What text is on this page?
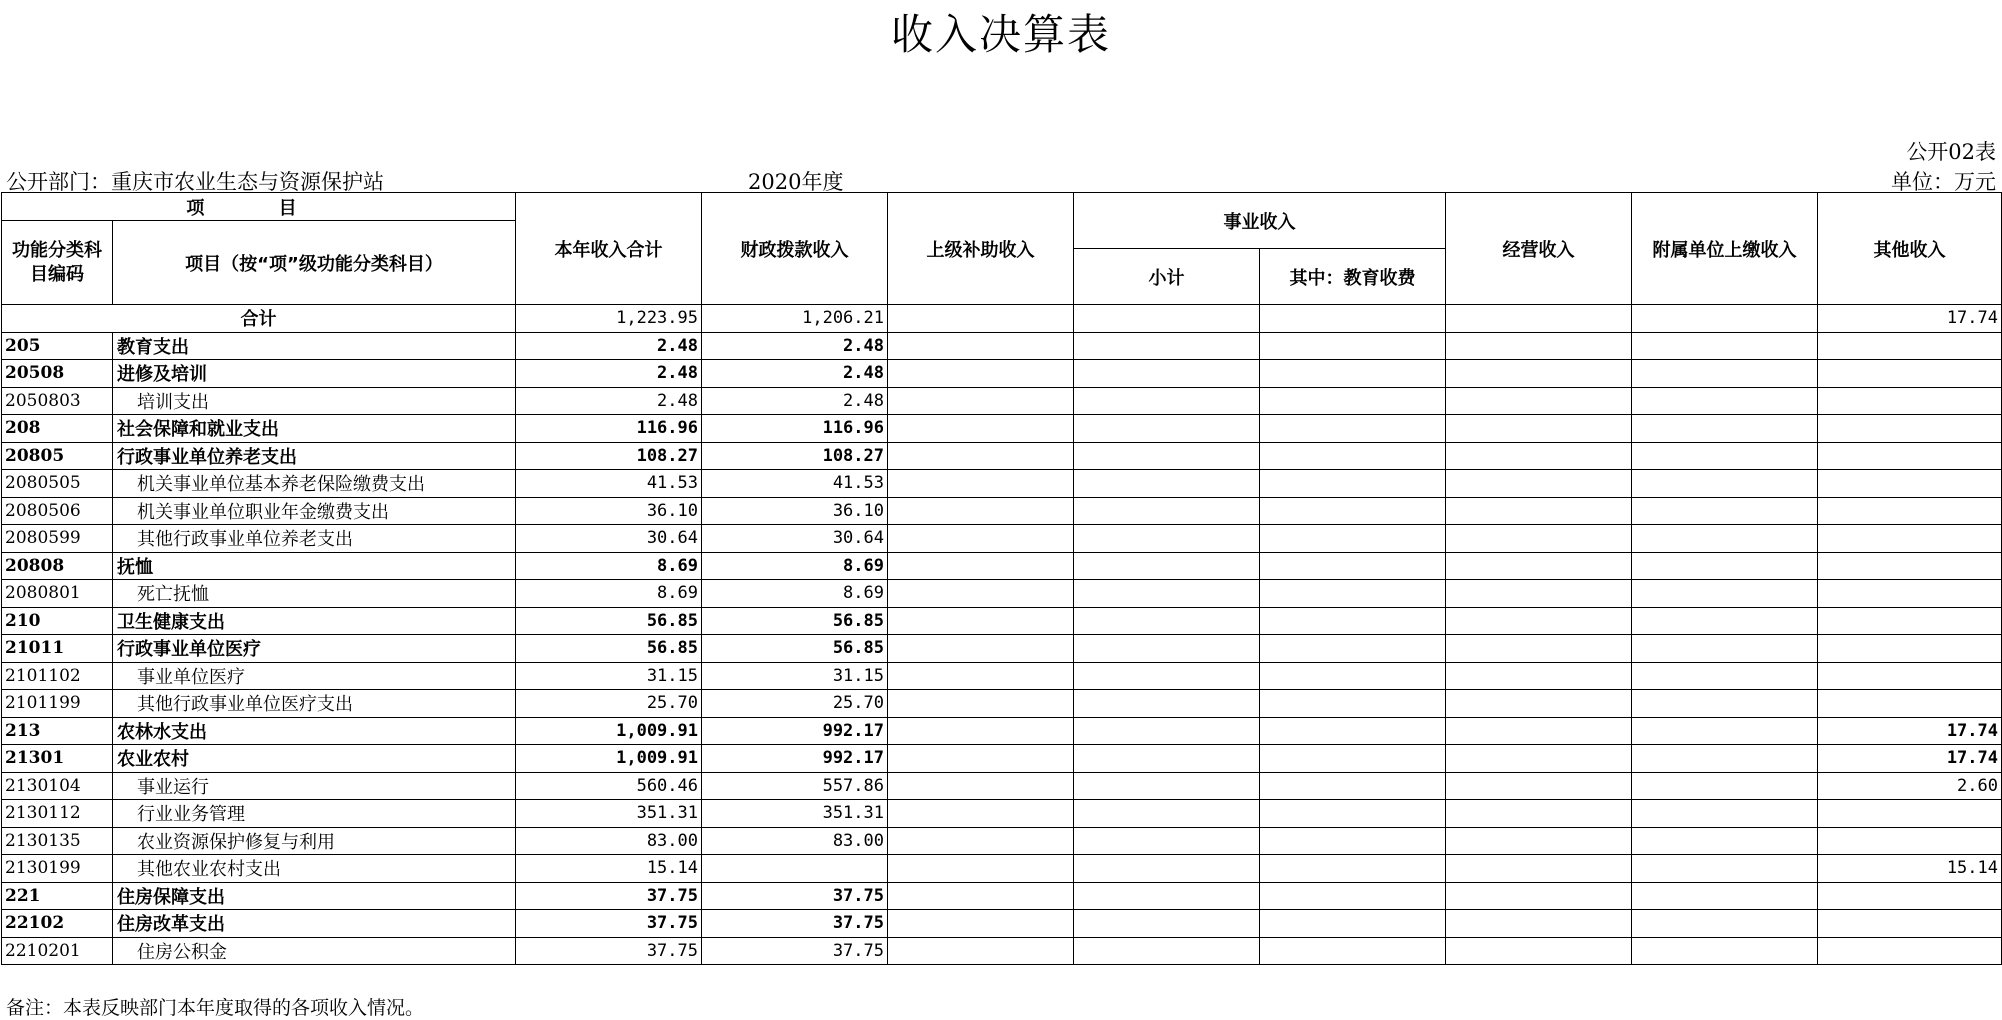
收入决算表
公开02表
公开部门：重庆市农业生态与资源保护站	2020年度	单位：万元
项 目		本年收入合计	财政拨款收入	上级补助收入	事业收入		经营收入	附属单位上缴收入	其他收入
功能分类科目编码	项目（按“项”级功能分类科目）								
					小计	其中：教育收费			
合计		1,223.95	1,206.21						17.74
205	教育支出	2.48	2.48						
20508	进修及培训	2.48	2.48						
2050803	培训支出	2.48	2.48						
208	社会保障和就业支出	116.96	116.96						
20805	行政事业单位养老支出	108.27	108.27						
2080505	机关事业单位基本养老保险缴费支出	41.53	41.53						
2080506	机关事业单位职业年金缴费支出	36.10	36.10						
2080599	其他行政事业单位养老支出	30.64	30.64						
20808	抚恤	8.69	8.69						
2080801	死亡抚恤	8.69	8.69						
210	卫生健康支出	56.85	56.85						
21011	行政事业单位医疗	56.85	56.85						
2101102	事业单位医疗	31.15	31.15						
2101199	其他行政事业单位医疗支出	25.70	25.70						
213	农林水支出	1,009.91	992.17						17.74
21301	农业农村	1,009.91	992.17						17.74
2130104	事业运行	560.46	557.86						2.60
2130112	行业业务管理	351.31	351.31						
2130135	农业资源保护修复与利用	83.00	83.00						
2130199	其他农业农村支出	15.14							15.14
221	住房保障支出	37.75	37.75						
22102	住房改革支出	37.75	37.75						
2210201	住房公积金	37.75	37.75						
备注：本表反映部门本年度取得的各项收入情况。
